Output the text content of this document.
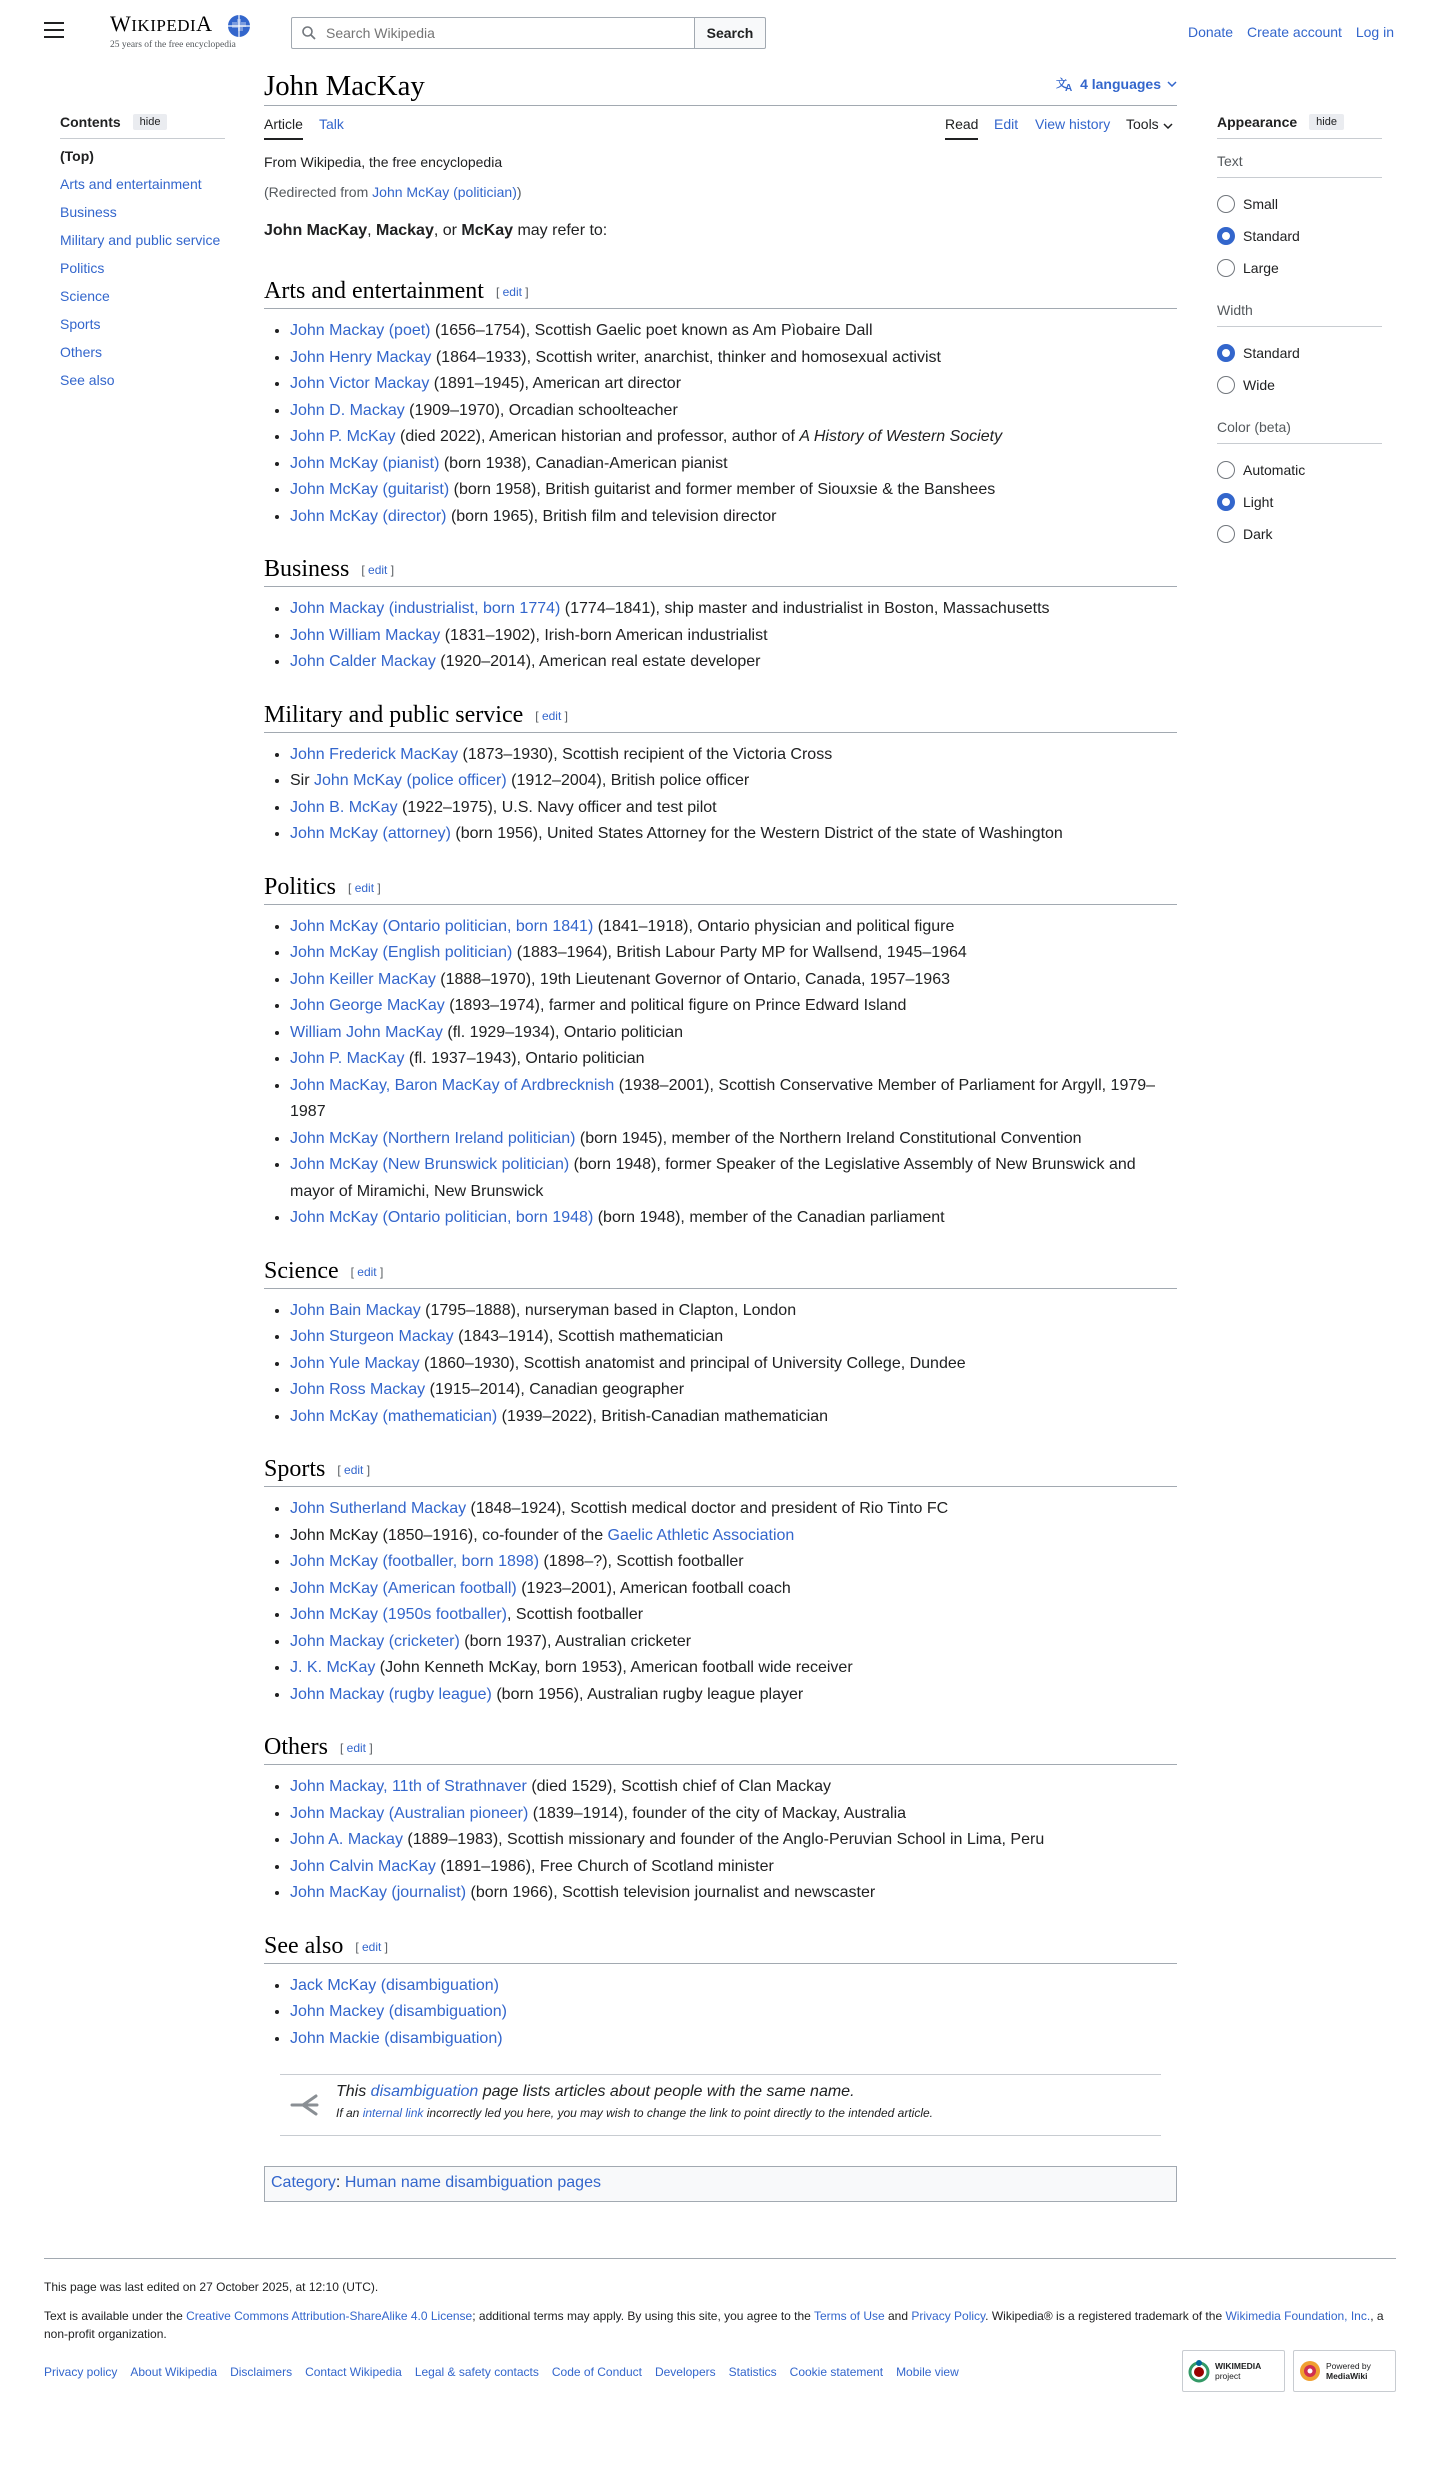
WIKIPEDIA
25 years of the free encyclopedia
Search Wikipedia
Search	Donate Create account Log in
Contents	hide
(Top)
Arts and entertainment
Business
Military and public service
Politics
Science
Sports
Others
See also
Appearance	hide
Text
Small
Standard
Large
Width
Standard
Wide
Color (beta)
Automatic
Light
Dark
John MacKay	文
A 4 languages
Article Talk	Read Edit View history Tools
From Wikipedia, the free encyclopedia
(Redirected from John McKay (politician))
John MacKay, Mackay, or McKay may refer to:
Arts and entertainment [ edit ]
• John Mackay (poet) (1656–1754), Scottish Gaelic poet known as Am Pìobaire Dall
• John Henry Mackay (1864–1933), Scottish writer, anarchist, thinker and homosexual activist
• John Victor Mackay (1891–1945), American art director
• John D. Mackay (1909–1970), Orcadian schoolteacher
• John P. McKay (died 2022), American historian and professor, author of A History of Western Society
• John McKay (pianist) (born 1938), Canadian-American pianist
• John McKay (guitarist) (born 1958), British guitarist and former member of Siouxsie & the Banshees
• John McKay (director) (born 1965), British film and television director
Business [ edit ]
• John Mackay (industrialist, born 1774) (1774–1841), ship master and industrialist in Boston, Massachusetts
• John William Mackay (1831–1902), Irish-born American industrialist
• John Calder Mackay (1920–2014), American real estate developer
Military and public service [ edit ]
• John Frederick MacKay (1873–1930), Scottish recipient of the Victoria Cross
• Sir John McKay (police officer) (1912–2004), British police officer
• John B. McKay (1922–1975), U.S. Navy officer and test pilot
• John McKay (attorney) (born 1956), United States Attorney for the Western District of the state of Washington
Politics [ edit ]
• John McKay (Ontario politician, born 1841) (1841–1918), Ontario physician and political figure
• John McKay (English politician) (1883–1964), British Labour Party MP for Wallsend, 1945–1964
• John Keiller MacKay (1888–1970), 19th Lieutenant Governor of Ontario, Canada, 1957–1963
• John George MacKay (1893–1974), farmer and political figure on Prince Edward Island
• William John MacKay (fl. 1929–1934), Ontario politician
• John P. MacKay (fl. 1937–1943), Ontario politician
• John MacKay, Baron MacKay of Ardbrecknish (1938–2001), Scottish Conservative Member of Parliament for Argyll, 1979–1987
• John McKay (Northern Ireland politician) (born 1945), member of the Northern Ireland Constitutional Convention
• John McKay (New Brunswick politician) (born 1948), former Speaker of the Legislative Assembly of New Brunswick and mayor of Miramichi, New Brunswick
• John McKay (Ontario politician, born 1948) (born 1948), member of the Canadian parliament
Science [ edit ]
• John Bain Mackay (1795–1888), nurseryman based in Clapton, London
• John Sturgeon Mackay (1843–1914), Scottish mathematician
• John Yule Mackay (1860–1930), Scottish anatomist and principal of University College, Dundee
• John Ross Mackay (1915–2014), Canadian geographer
• John McKay (mathematician) (1939–2022), British-Canadian mathematician
Sports [ edit ]
• John Sutherland Mackay (1848–1924), Scottish medical doctor and president of Rio Tinto FC
• John McKay (1850–1916), co-founder of the Gaelic Athletic Association
• John McKay (footballer, born 1898) (1898–?), Scottish footballer
• John McKay (American football) (1923–2001), American football coach
• John McKay (1950s footballer), Scottish footballer
• John Mackay (cricketer) (born 1937), Australian cricketer
• J. K. McKay (John Kenneth McKay, born 1953), American football wide receiver
• John Mackay (rugby league) (born 1956), Australian rugby league player
Others [ edit ]
• John Mackay, 11th of Strathnaver (died 1529), Scottish chief of Clan Mackay
• John Mackay (Australian pioneer) (1839–1914), founder of the city of Mackay, Australia
• John A. Mackay (1889–1983), Scottish missionary and founder of the Anglo-Peruvian School in Lima, Peru
• John Calvin MacKay (1891–1986), Free Church of Scotland minister
• John MacKay (journalist) (born 1966), Scottish television journalist and newscaster
See also [ edit ]
• Jack McKay (disambiguation)
• John Mackey (disambiguation)
• John Mackie (disambiguation)
This disambiguation page lists articles about people with the same name.
If an internal link incorrectly led you here, you may wish to change the link to point directly to the intended article.
Category: Human name disambiguation pages
This page was last edited on 27 October 2025, at 12:10 (UTC).
Text is available under the Creative Commons Attribution-ShareAlike 4.0 License; additional terms may apply. By using this site, you agree to the Terms of Use and Privacy Policy. Wikipedia® is a registered trademark of the Wikimedia Foundation, Inc., a non-profit organization.
Privacy policy About Wikipedia Disclaimers Contact Wikipedia Legal & safety contacts Code of Conduct Developers Statistics Cookie statement Mobile view	WIKIMEDIA
project
Powered by
MediaWiki
